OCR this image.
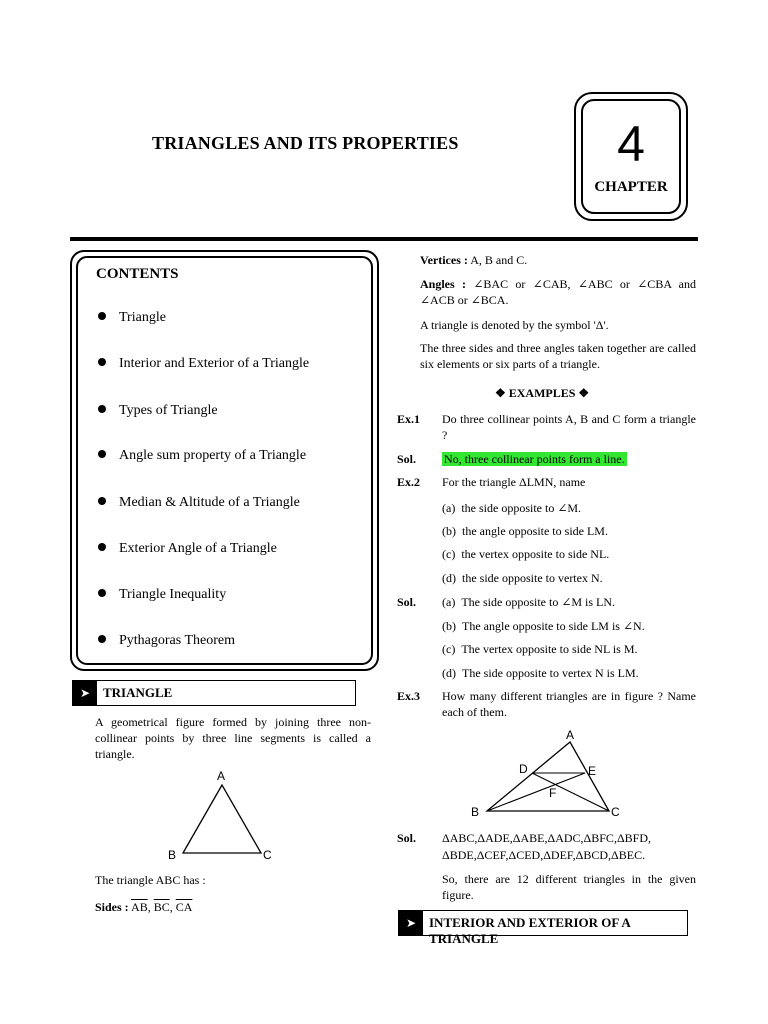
TRIANGLES AND ITS PROPERTIES	4
CHAPTER
CONTENTS
Triangle
Interior and Exterior of a Triangle
Types of Triangle
Angle sum property of a Triangle
Median & Altitude of a Triangle
Exterior Angle of a Triangle
Triangle Inequality
Pythagoras Theorem
➤ TRIANGLE
A geometrical figure formed by joining three non-collinear points by three line segments is called a triangle.
A
B	C
The triangle ABC has :
Sides : $\overline{AB}$, $\overline{BC}$, $\overline{CA}$
Vertices : A, B and C.
Angles : ∠BAC or ∠CAB, ∠ABC or ∠CBA and ∠ACB or ∠BCA.
A triangle is denoted by the symbol 'Δ'.
The three sides and three angles taken together are called six elements or six parts of a triangle.
❖ EXAMPLES ❖
Ex.1 Do three collinear points A, B and C form a triangle ?
Sol. No, three collinear points form a line.
Ex.2 For the triangle ΔLMN, name
(a) the side opposite to ∠M.
(b) the angle opposite to side LM.
(c) the vertex opposite to side NL.
(d) the side opposite to vertex N.
Sol. (a) The side opposite to ∠M is LN.
(b) The angle opposite to side LM is ∠N.
(c) The vertex opposite to side NL is M.
(d) The side opposite to vertex N is LM.
Ex.3 How many different triangles are in figure ? Name each of them.
A
B	C
D	E
F
Sol. ΔABC,ΔADE,ΔABE,ΔADC,ΔBFC,ΔBFD,
ΔBDE,ΔCEF,ΔCED,ΔDEF,ΔBCD,ΔBEC.
So, there are 12 different triangles in the given figure.
➤ INTERIOR AND EXTERIOR OF A TRIANGLE
